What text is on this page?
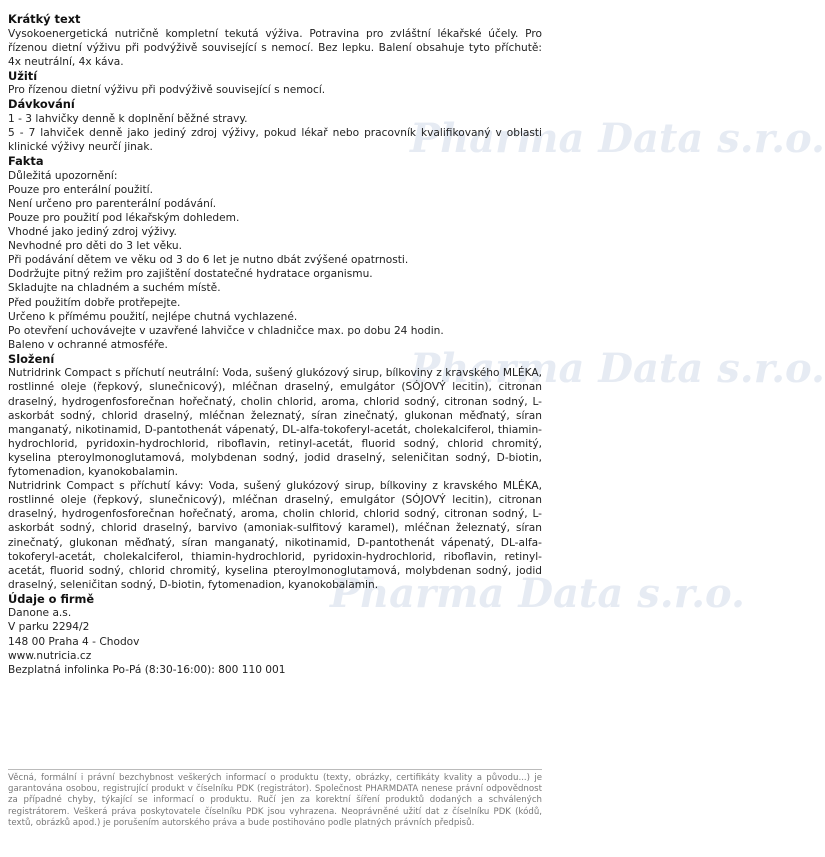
Pharma Data s.r.o.
Pharma Data s.r.o.
Pharma Data s.r.o.
Krátký text

Vysokoenergetická nutričně kompletní tekutá výživa. Potravina pro zvláštní lékařské účely. Pro řízenou dietní výživu při podvýživě související s nemocí. Bez lepku. Balení obsahuje tyto příchutě: 4x neutrální, 4x káva.

Užití

Pro řízenou dietní výživu při podvýživě související s nemocí.

Dávkování

1 - 3 lahvičky denně k doplnění běžné stravy.

5 - 7 lahviček denně jako jediný zdroj výživy, pokud lékař nebo pracovník kvalifikovaný v oblasti klinické výživy neurčí jinak.

Fakta
Důležitá upozornění:
Pouze pro enterální použití.
Není určeno pro parenterální podávání.
Pouze pro použití pod lékařským dohledem.
Vhodné jako jediný zdroj výživy.
Nevhodné pro děti do 3 let věku.
Při podávání dětem ve věku od 3 do 6 let je nutno dbát zvýšené opatrnosti.
Dodržujte pitný režim pro zajištění dostatečné hydratace organismu.
Skladujte na chladném a suchém místě.
Před použitím dobře protřepejte.
Určeno k přímému použití, nejlépe chutná vychlazené.
Po otevření uchovávejte v uzavřené lahvičce v chladničce max. po dobu 24 hodin.
Baleno v ochranné atmosféře.
Složení

Nutridrink Compact s příchutí neutrální: Voda, sušený glukózový sirup, bílkoviny z kravského MLÉKA, rostlinné oleje (řepkový, slunečnicový), mléčnan draselný, emulgátor (SÓJOVÝ lecitin), citronan draselný, hydrogenfosforečnan hořečnatý, cholin chlorid, aroma, chlorid sodný, citronan sodný, L-askorbát sodný, chlorid draselný, mléčnan železnatý, síran zinečnatý, glukonan měďnatý, síran manganatý, nikotinamid, D-pantothenát vápenatý, DL-alfa-tokoferyl-acetát, cholekalciferol, thiamin-hydrochlorid, pyridoxin-hydrochlorid, riboflavin, retinyl-acetát, fluorid sodný, chlorid chromitý, kyselina pteroylmonoglutamová, molybdenan sodný, jodid draselný, seleničitan sodný, D-biotin, fytomenadion, kyanokobalamin.

Nutridrink Compact s příchutí kávy: Voda, sušený glukózový sirup, bílkoviny z kravského MLÉKA, rostlinné oleje (řepkový, slunečnicový), mléčnan draselný, emulgátor (SÓJOVÝ lecitin), citronan draselný, hydrogenfosforečnan hořečnatý, aroma, cholin chlorid, chlorid sodný, citronan sodný, L-askorbát sodný, chlorid draselný, barvivo (amoniak-sulfitový karamel), mléčnan železnatý, síran zinečnatý, glukonan měďnatý, síran manganatý, nikotinamid, D-pantothenát vápenatý, DL-alfa-tokoferyl-acetát, cholekalciferol, thiamin-hydrochlorid, pyridoxin-hydrochlorid, riboflavin, retinyl-acetát, fluorid sodný, chlorid chromitý, kyselina pteroylmonoglutamová, molybdenan sodný, jodid draselný, seleničitan sodný, D-biotin, fytomenadion, kyanokobalamin.

Údaje o firmě
Danone a.s.
V parku 2294/2
148 00 Praha 4 - Chodov
www.nutricia.cz
Bezplatná infolinka Po-Pá (8:30-16:00): 800 110 001
Věcná, formální i právní bezchybnost veškerých informací o produktu (texty, obrázky, certifikáty kvality a původu...) je garantována osobou, registrující produkt v číselníku PDK (registrátor). Společnost PHARMDATA nenese právní odpovědnost za případné chyby, týkající se informací o produktu. Ručí jen za korektní šíření produktů dodaných a schválených registrátorem. Veškerá práva poskytovatele číselníku PDK jsou vyhrazena. Neoprávněné užití dat z číselníku PDK (kódů, textů, obrázků apod.) je porušením autorského práva a bude postihováno podle platných právních předpisů.
